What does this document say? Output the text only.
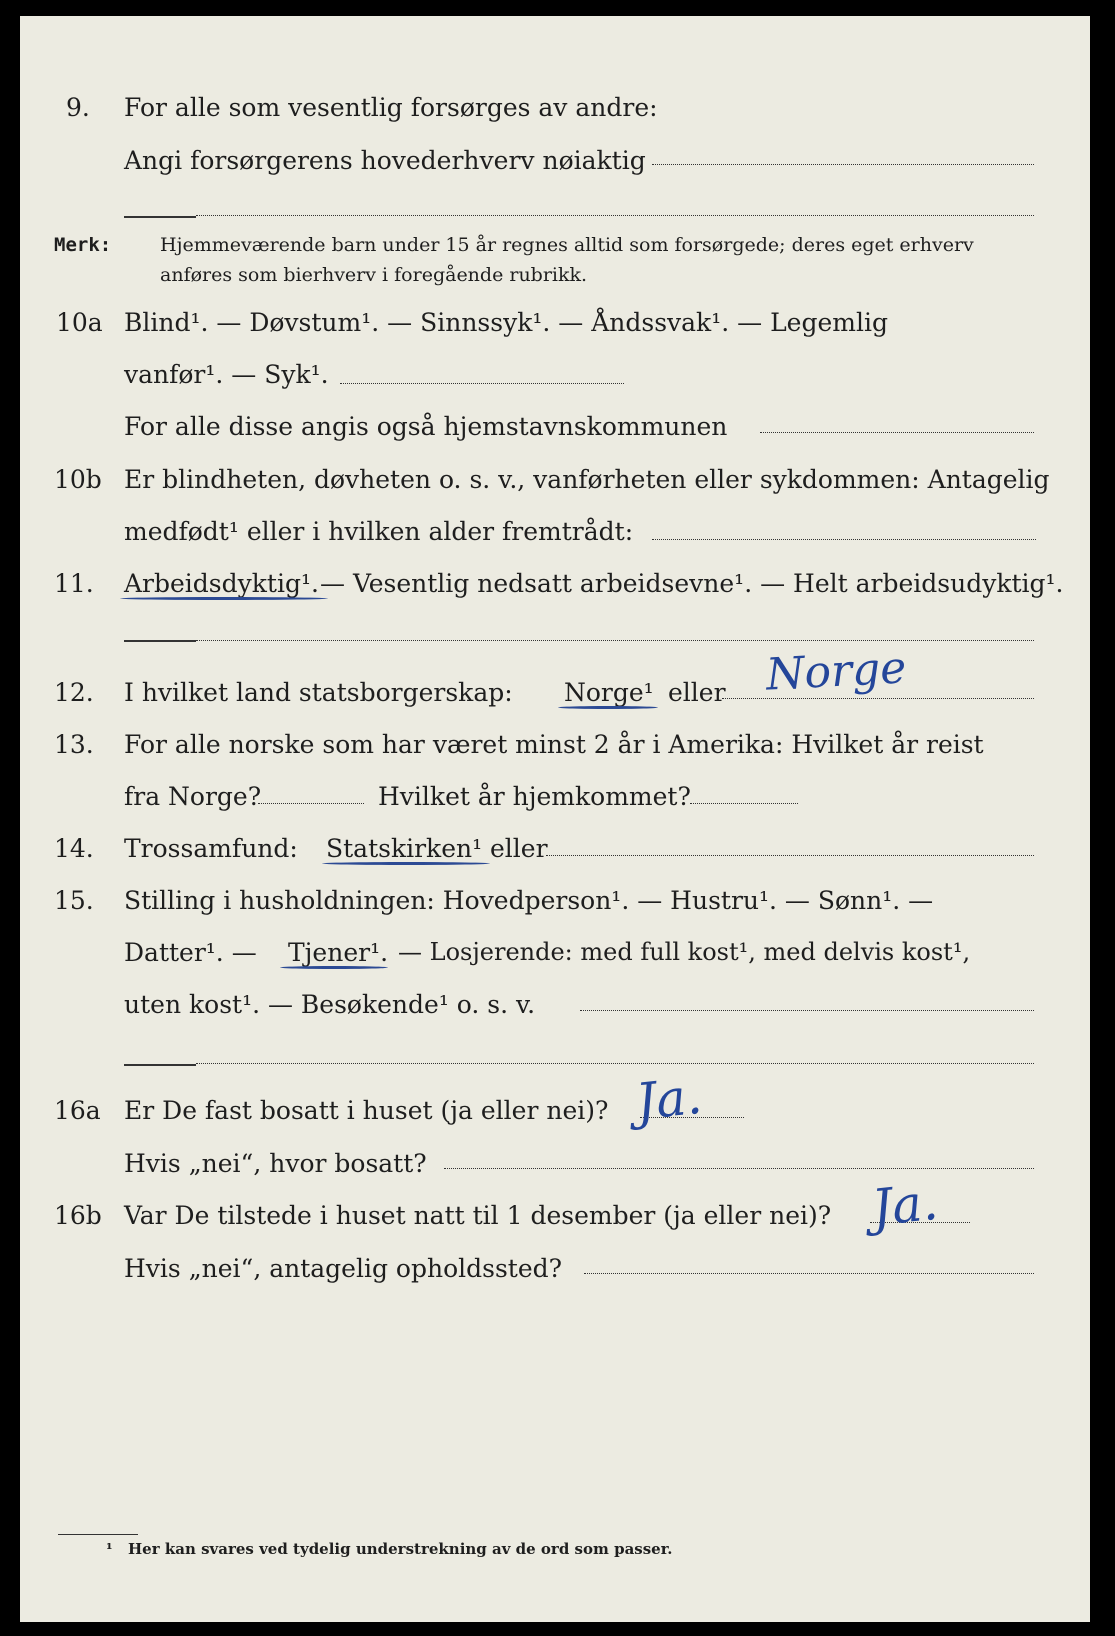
9. For alle som vesentlig forsørges av andre:
Angi forsørgerens hovederhverv nøiaktig
Merk:	Hjemmeværende barn under 15 år regnes alltid som forsørgede; deres eget erhverv
anføres som bierhverv i foregående rubrikk.
10a Blind¹. — Døvstum¹. — Sinnssyk¹. — Åndssvak¹. — Legemlig
vanfør¹. — Syk¹.
For alle disse angis også hjemstavnskommunen
10b Er blindheten, døvheten o. s. v., vanførheten eller sykdommen: Antagelig
medfødt¹ eller i hvilken alder fremtrådt:
11. Arbeidsdyktig¹. — Vesentlig nedsatt arbeidsevne¹. — Helt arbeidsudyktig¹.
12. I hvilket land statsborgerskap: Norge¹ eller Norge
13. For alle norske som har været minst 2 år i Amerika: Hvilket år reist
fra Norge?	Hvilket år hjemkommet?
14. Trossamfund: Statskirken¹ eller
15. Stilling i husholdningen: Hovedperson¹. — Hustru¹. — Sønn¹. —
Datter¹. — Tjener¹. — Losjerende: med full kost¹, med delvis kost¹,
uten kost¹. — Besøkende¹ o. s. v.
16a Er De fast bosatt i huset (ja eller nei)? Ja.
Hvis „nei“, hvor bosatt?
16b Var De tilstede i huset natt til 1 desember (ja eller nei)? Ja.
Hvis „nei“, antagelig opholdssted?
¹ Her kan svares ved tydelig understrekning av de ord som passer.
